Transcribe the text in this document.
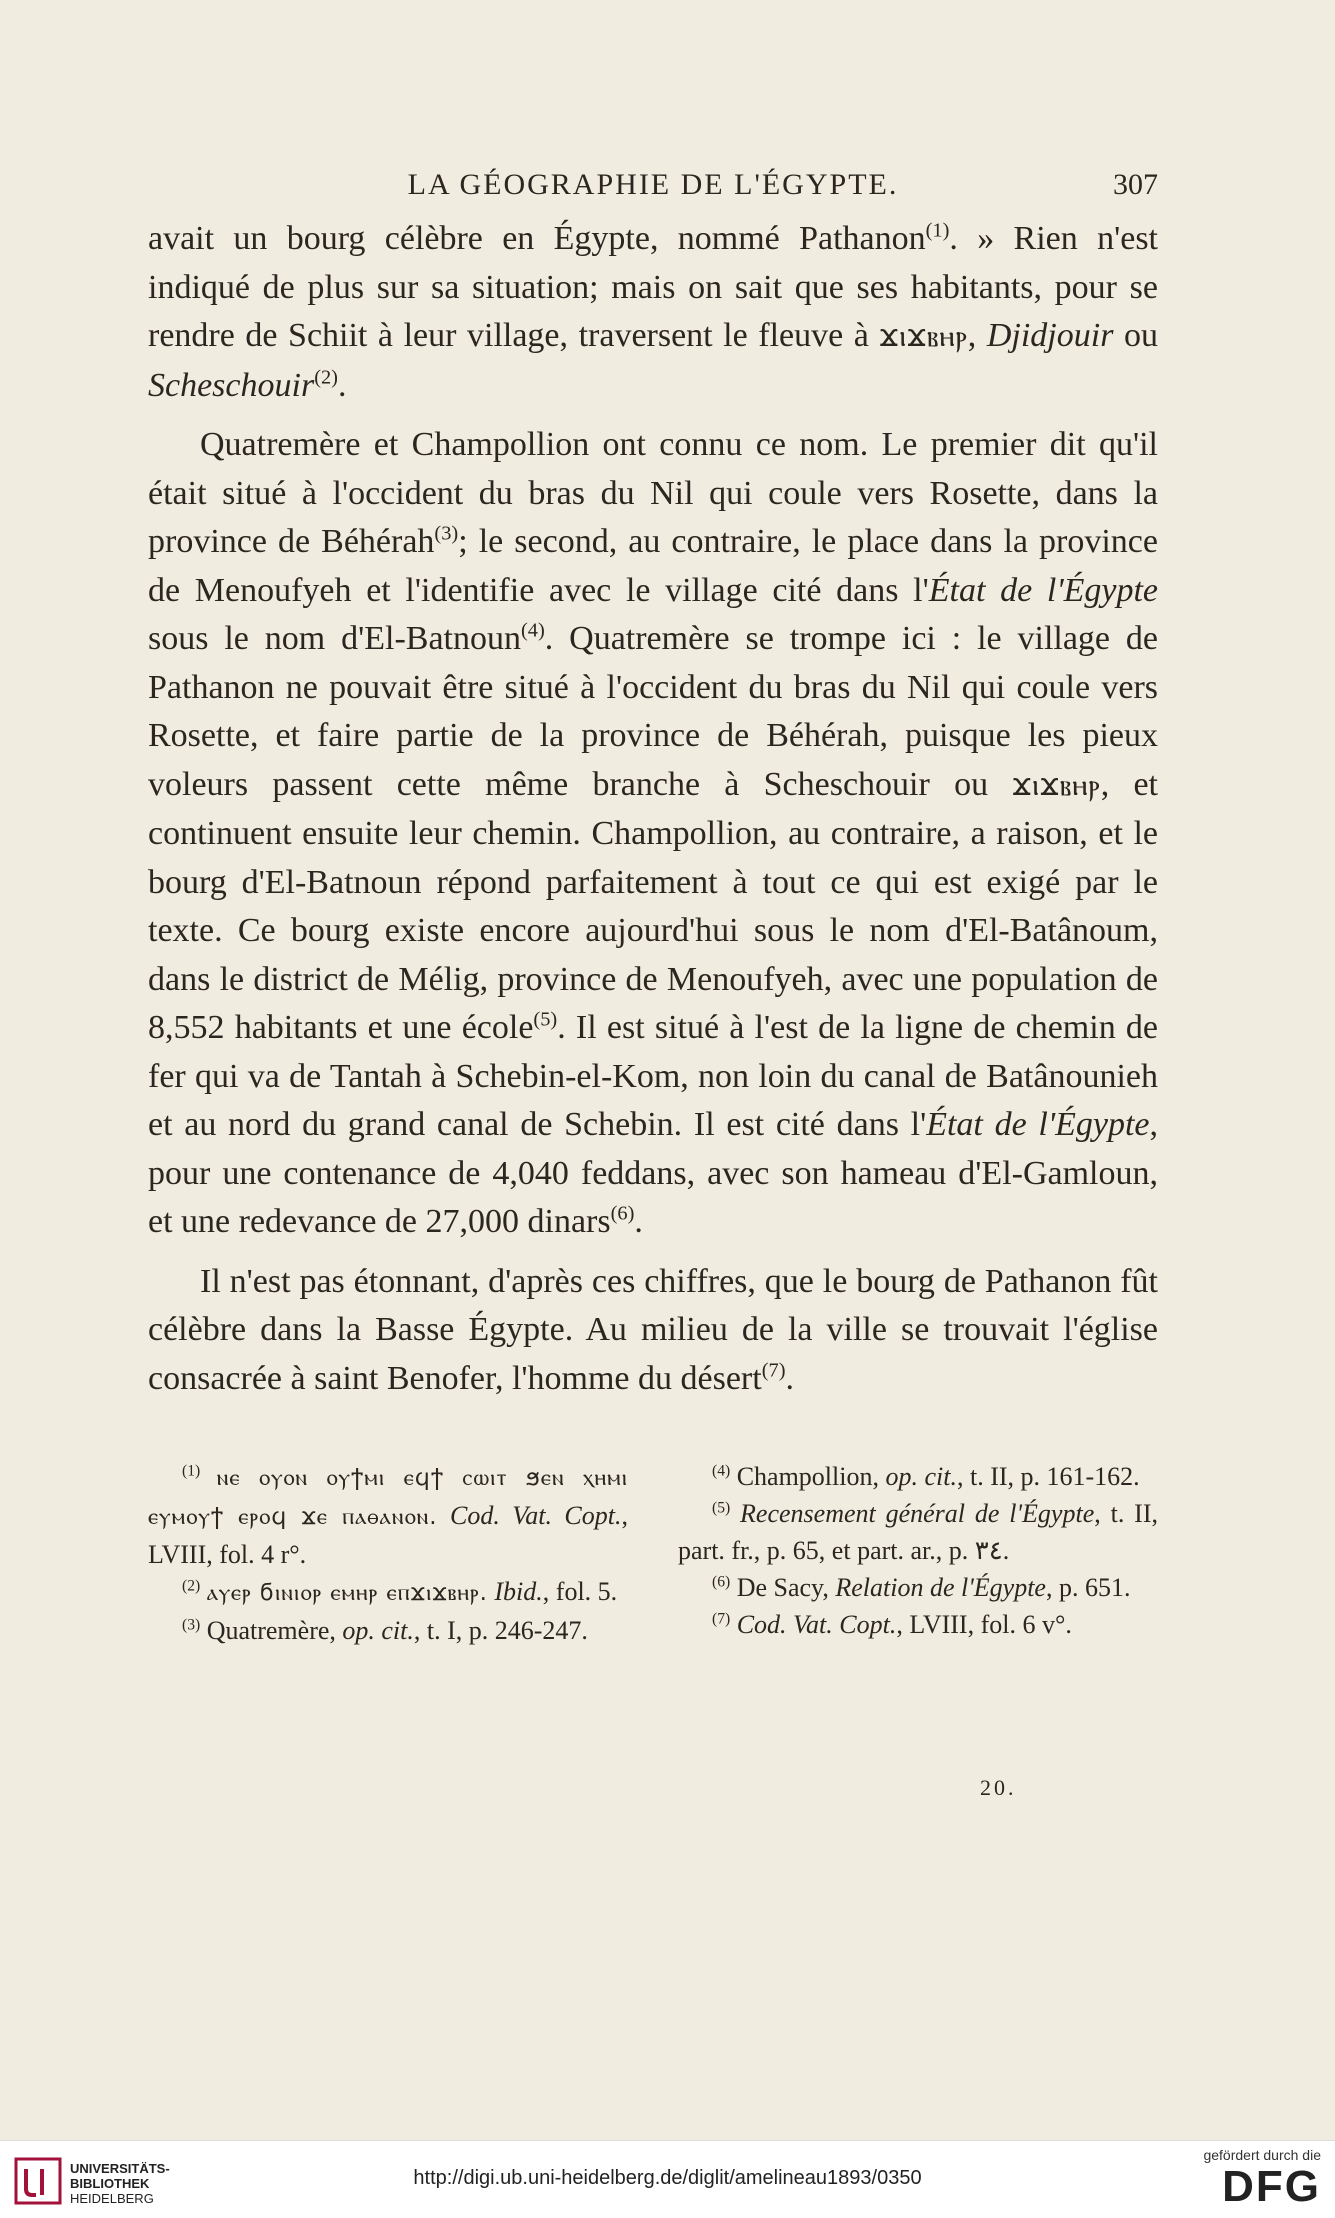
LA GÉOGRAPHIE DE L'ÉGYPTE.	307

avait un bourg célèbre en Égypte, nommé Pathanon$^{(1)}$. » Rien n'est indiqué de plus sur sa situation; mais on sait que ses habitants, pour se rendre de Schiit à leur village, traversent le fleuve à ϫⲓϫⲃⲏⲣ, Djidjouir ou Scheschouir$^{(2)}$.

Quatremère et Champollion ont connu ce nom. Le premier dit qu'il était situé à l'occident du bras du Nil qui coule vers Rosette, dans la province de Béhérah$^{(3)}$; le second, au contraire, le place dans la province de Menoufyeh et l'identifie avec le village cité dans l'État de l'Égypte sous le nom d'El-Batnoun$^{(4)}$. Quatremère se trompe ici : le village de Pathanon ne pouvait être situé à l'occident du bras du Nil qui coule vers Rosette, et faire partie de la province de Béhérah, puisque les pieux voleurs passent cette même branche à Scheschouir ou ϫⲓϫⲃⲏⲣ, et continuent ensuite leur chemin. Champollion, au contraire, a raison, et le bourg d'El-Batnoun répond parfaitement à tout ce qui est exigé par le texte. Ce bourg existe encore aujourd'hui sous le nom d'El-Batânoum, dans le district de Mélig, province de Menoufyeh, avec une population de 8,552 habitants et une école$^{(5)}$. Il est situé à l'est de la ligne de chemin de fer qui va de Tantah à Schebin-el-Kom, non loin du canal de Batânounieh et au nord du grand canal de Schebin. Il est cité dans l'État de l'Égypte, pour une contenance de 4,040 feddans, avec son hameau d'El-Gamloun, et une redevance de 27,000 dinars$^{(6)}$.

Il n'est pas étonnant, d'après ces chiffres, que le bourg de Pathanon fût célèbre dans la Basse Égypte. Au milieu de la ville se trouvait l'église consacrée à saint Benofer, l'homme du désert$^{(7)}$.

$^{(1)}$ ⲛⲉ ⲟⲩⲟⲛ ⲟⲩϯⲙⲓ ⲉϥϯ ⲥⲱⲓⲧ ϧⲉⲛ ⲭⲏⲙⲓ ⲉⲩⲙⲟⲩϯ ⲉⲣⲟϥ ϫⲉ ⲡⲁⲑⲁⲛⲟⲛ. Cod. Vat. Copt., LVIII, fol. 4 r°.

$^{(2)}$ ⲁⲩⲉⲣ ϭⲓⲛⲓⲟⲣ ⲉⲙⲏⲣ ⲉⲡϫⲓϫⲃⲏⲣ. Ibid., fol. 5.

$^{(3)}$ Quatremère, op. cit., t. I, p. 246-247.

$^{(4)}$ Champollion, op. cit., t. II, p. 161-162.

$^{(5)}$ Recensement général de l'Égypte, t. II, part. fr., p. 65, et part. ar., p. ٣٤.

$^{(6)}$ De Sacy, Relation de l'Égypte, p. 651.

$^{(7)}$ Cod. Vat. Copt., LVIII, fol. 6 v°.

20.
UNIVERSITÄTS-
BIBLIOTHEK
HEIDELBERG
http://digi.ub.uni-heidelberg.de/diglit/amelineau1893/0350
gefördert durch die
DFG
